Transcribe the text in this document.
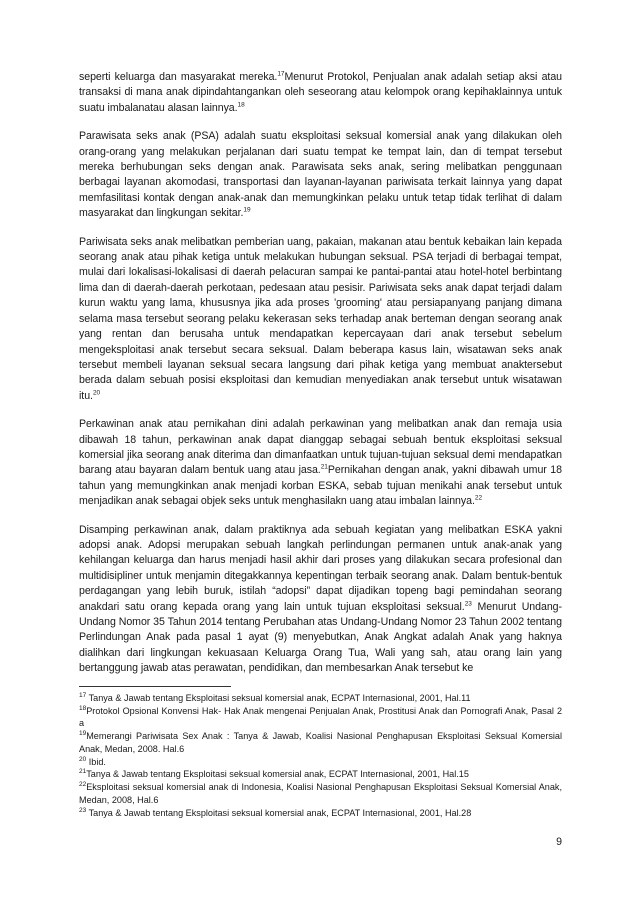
seperti keluarga dan masyarakat mereka.$^{17}$Menurut Protokol, Penjualan anak adalah setiap aksi atau transaksi di mana anak dipindahtangankan oleh seseorang atau kelompok orang kepihaklainnya untuk suatu imbalanatau alasan lainnya.$^{18}$

Parawisata seks anak (PSA) adalah suatu eksploitasi seksual komersial anak yang dilakukan oleh orang-orang yang melakukan perjalanan dari suatu tempat ke tempat lain, dan di tempat tersebut mereka berhubungan seks dengan anak. Parawisata seks anak, sering melibatkan penggunaan berbagai layanan akomodasi, transportasi dan layanan-layanan pariwisata terkait lainnya yang dapat memfasilitasi kontak dengan anak-anak dan memungkinkan pelaku untuk tetap tidak terlihat di dalam masyarakat dan lingkungan sekitar.$^{19}$

Pariwisata seks anak melibatkan pemberian uang, pakaian, makanan atau bentuk kebaikan lain kepada seorang anak atau pihak ketiga untuk melakukan hubungan seksual. PSA terjadi di berbagai tempat, mulai dari lokalisasi-lokalisasi di daerah pelacuran sampai ke pantai-pantai atau hotel-hotel berbintang lima dan di daerah-daerah perkotaan, pedesaan atau pesisir. Pariwisata seks anak dapat terjadi dalam kurun waktu yang lama, khususnya jika ada proses 'grooming' atau persiapanyang panjang dimana selama masa tersebut seorang pelaku kekerasan seks terhadap anak berteman dengan seorang anak yang rentan dan berusaha untuk mendapatkan kepercayaan dari anak tersebut sebelum mengeksploitasi anak tersebut secara seksual. Dalam beberapa kasus lain, wisatawan seks anak tersebut membeli layanan seksual secara langsung dari pihak ketiga yang membuat anaktersebut berada dalam sebuah posisi eksploitasi dan kemudian menyediakan anak tersebut untuk wisatawan itu.$^{20}$

Perkawinan anak atau pernikahan dini adalah perkawinan yang melibatkan anak dan remaja usia dibawah 18 tahun, perkawinan anak dapat dianggap sebagai sebuah bentuk eksploitasi seksual komersial jika seorang anak diterima dan dimanfaatkan untuk tujuan-tujuan seksual demi mendapatkan barang atau bayaran dalam bentuk uang atau jasa.$^{21}$Pernikahan dengan anak, yakni dibawah umur 18 tahun yang memungkinkan anak menjadi korban ESKA, sebab tujuan menikahi anak tersebut untuk menjadikan anak sebagai objek seks untuk menghasilakn uang atau imbalan lainnya.$^{22}$

Disamping perkawinan anak, dalam praktiknya ada sebuah kegiatan yang melibatkan ESKA yakni adopsi anak. Adopsi merupakan sebuah langkah perlindungan permanen untuk anak-anak yang kehilangan keluarga dan harus menjadi hasil akhir dari proses yang dilakukan secara profesional dan multidisipliner untuk menjamin ditegakkannya kepentingan terbaik seorang anak. Dalam bentuk-bentuk perdagangan yang lebih buruk, istilah “adopsi” dapat dijadikan topeng bagi pemindahan seorang anakdari satu orang kepada orang yang lain untuk tujuan eksploitasi seksual.$^{23}$ Menurut Undang-Undang Nomor 35 Tahun 2014 tentang Perubahan atas Undang-Undang Nomor 23 Tahun 2002 tentang Perlindungan Anak pada pasal 1 ayat (9) menyebutkan, Anak Angkat adalah Anak yang haknya dialihkan dari lingkungan kekuasaan Keluarga Orang Tua, Wali yang sah, atau orang lain yang bertanggung jawab atas perawatan, pendidikan, dan membesarkan Anak tersebut ke

$^{17}$ Tanya & Jawab tentang Eksploitasi seksual komersial anak, ECPAT Internasional, 2001, Hal.11
$^{18}$Protokol Opsional Konvensi Hak- Hak Anak mengenai Penjualan Anak, Prostitusi Anak dan Pornografi Anak, Pasal 2 a
$^{19}$Memerangi Pariwisata Sex Anak : Tanya & Jawab, Koalisi Nasional Penghapusan Eksploitasi Seksual Komersial Anak, Medan, 2008. Hal.6
$^{20}$ Ibid.
$^{21}$Tanya & Jawab tentang Eksploitasi seksual komersial anak, ECPAT Internasional, 2001, Hal.15
$^{22}$Eksploitasi seksual komersial anak di Indonesia, Koalisi Nasional Penghapusan Eksploitasi Seksual Komersial Anak, Medan, 2008, Hal.6
$^{23}$ Tanya & Jawab tentang Eksploitasi seksual komersial anak, ECPAT Internasional, 2001, Hal.28
9
